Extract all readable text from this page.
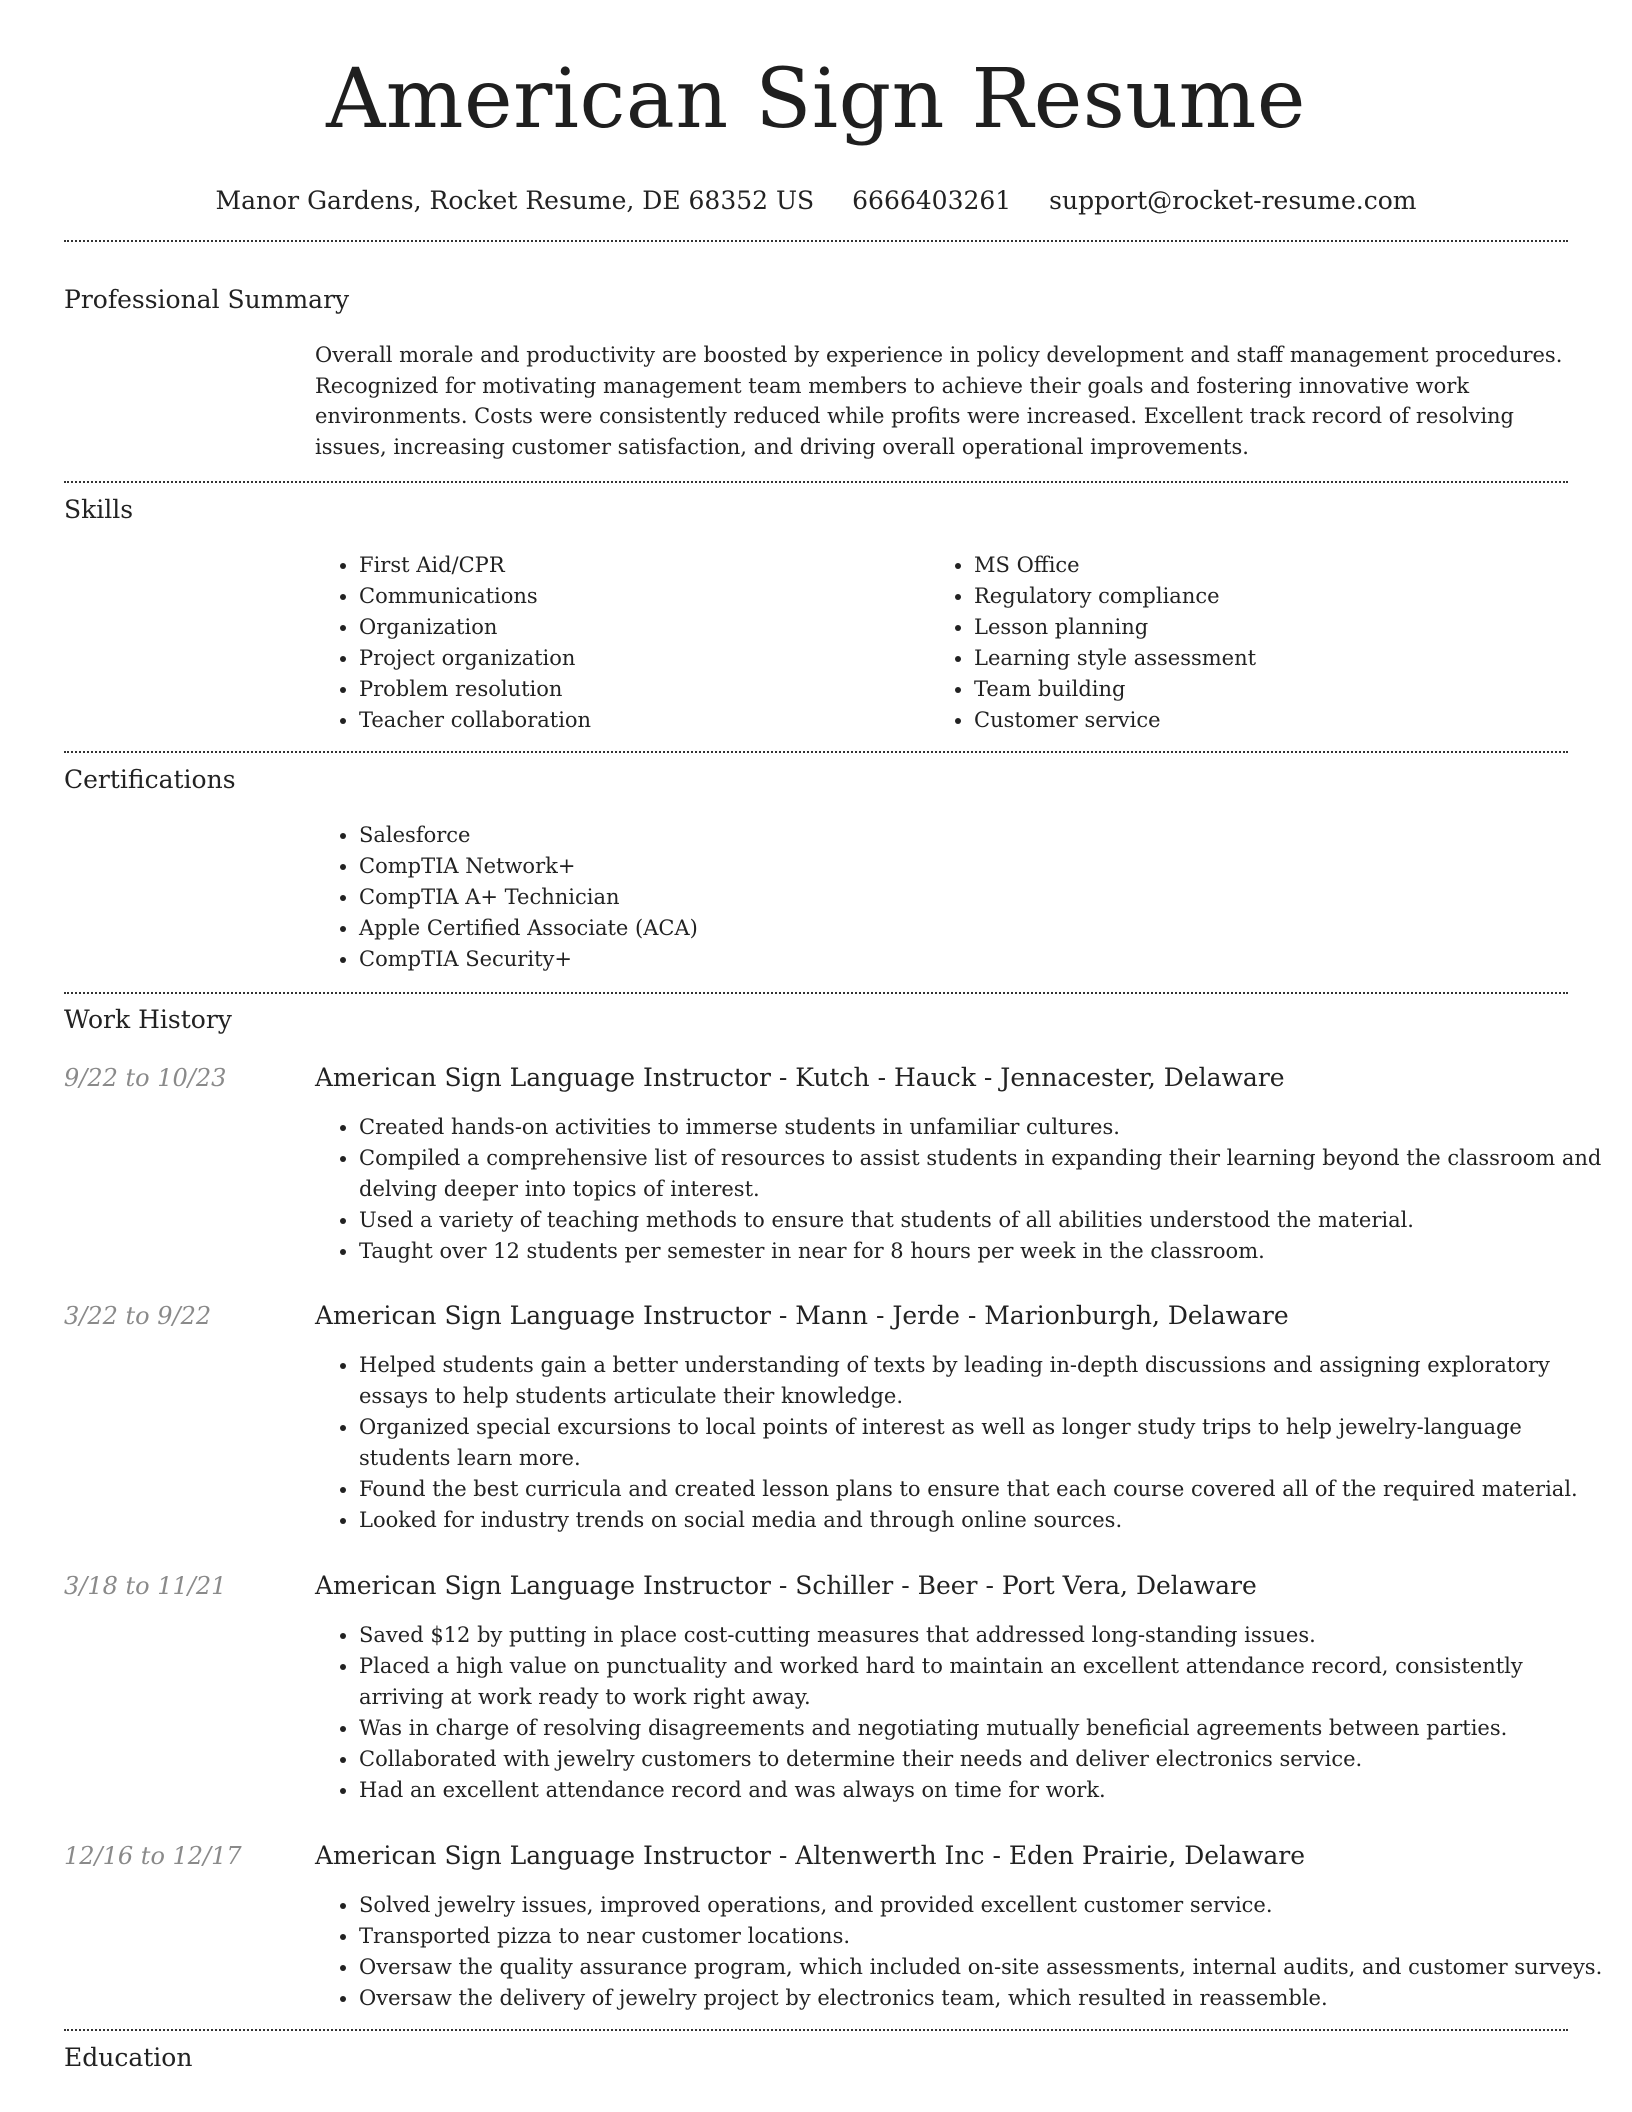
American Sign Resume
Manor Gardens, Rocket Resume, DE 68352 US 6666403261 support@rocket-resume.com
Professional Summary
Overall morale and productivity are boosted by experience in policy development and staff management procedures. Recognized for motivating management team members to achieve their goals and fostering innovative work environments. Costs were consistently reduced while profits were increased. Excellent track record of resolving issues, increasing customer satisfaction, and driving overall operational improvements.
Skills
• First Aid/CPR
• Communications
• Organization
• Project organization
• Problem resolution
• Teacher collaboration
• MS Office
• Regulatory compliance
• Lesson planning
• Learning style assessment
• Team building
• Customer service
Certifications
• Salesforce
• CompTIA Network+
• CompTIA A+ Technician
• Apple Certified Associate (ACA)
• CompTIA Security+
Work History
9/22 to 10/23	American Sign Language Instructor - Kutch - Hauck - Jennacester, Delaware
• Created hands-on activities to immerse students in unfamiliar cultures.
• Compiled a comprehensive list of resources to assist students in expanding their learning beyond the classroom and delving deeper into topics of interest.
• Used a variety of teaching methods to ensure that students of all abilities understood the material.
• Taught over 12 students per semester in near for 8 hours per week in the classroom.
3/22 to 9/22	American Sign Language Instructor - Mann - Jerde - Marionburgh, Delaware
• Helped students gain a better understanding of texts by leading in-depth discussions and assigning exploratory essays to help students articulate their knowledge.
• Organized special excursions to local points of interest as well as longer study trips to help jewelry-language students learn more.
• Found the best curricula and created lesson plans to ensure that each course covered all of the required material.
• Looked for industry trends on social media and through online sources.
3/18 to 11/21	American Sign Language Instructor - Schiller - Beer - Port Vera, Delaware
• Saved $12 by putting in place cost-cutting measures that addressed long-standing issues.
• Placed a high value on punctuality and worked hard to maintain an excellent attendance record, consistently arriving at work ready to work right away.
• Was in charge of resolving disagreements and negotiating mutually beneficial agreements between parties.
• Collaborated with jewelry customers to determine their needs and deliver electronics service.
• Had an excellent attendance record and was always on time for work.
12/16 to 12/17	American Sign Language Instructor - Altenwerth Inc - Eden Prairie, Delaware
• Solved jewelry issues, improved operations, and provided excellent customer service.
• Transported pizza to near customer locations.
• Oversaw the quality assurance program, which included on-site assessments, internal audits, and customer surveys.
• Oversaw the delivery of jewelry project by electronics team, which resulted in reassemble.
Education
